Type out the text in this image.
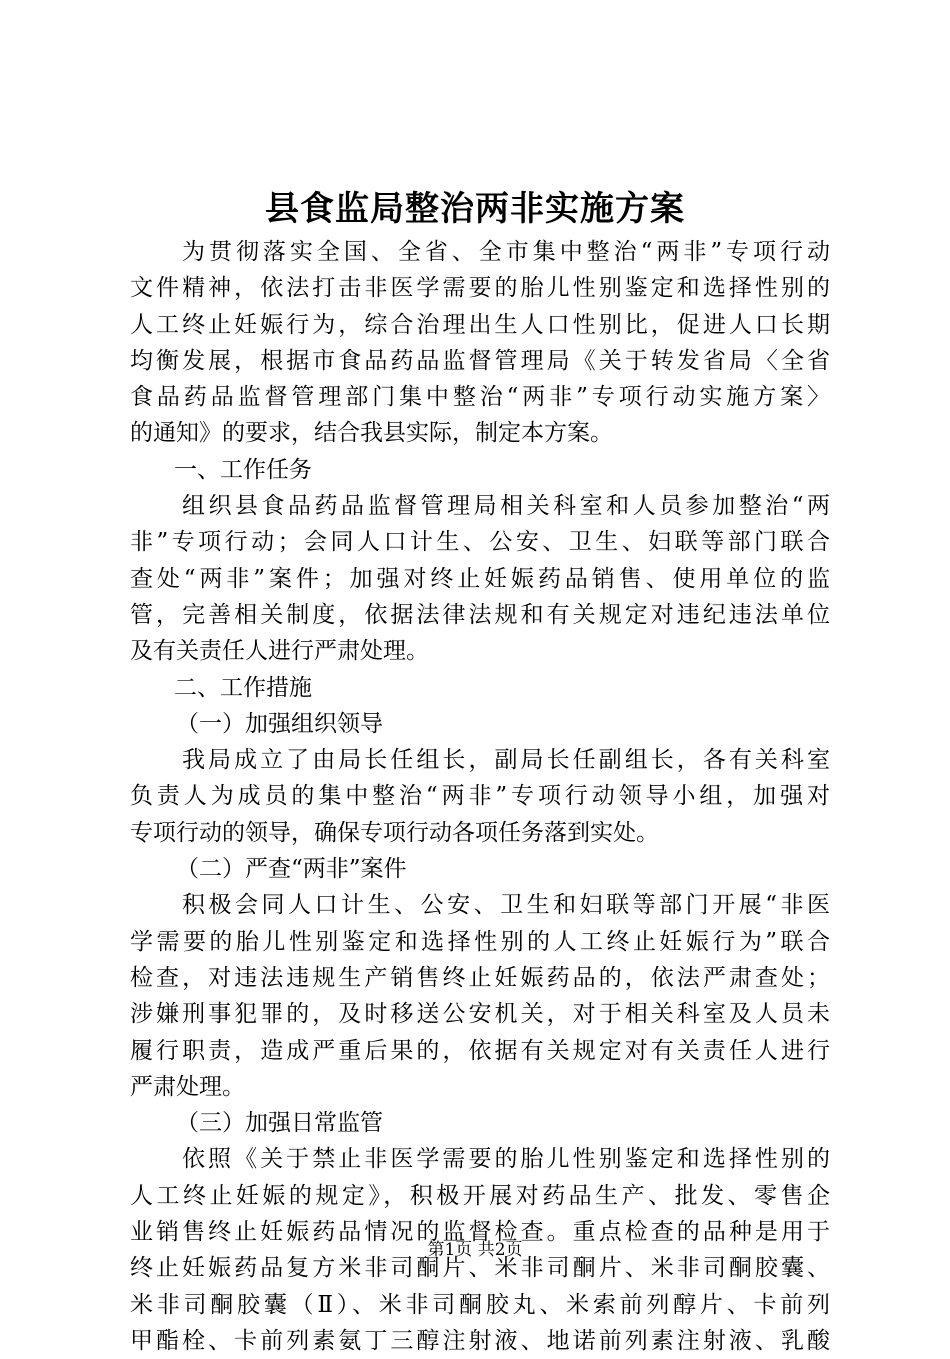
县食监局整治两非实施方案
为贯彻落实全国、全省、全市集中整治“两非”专项行动
文件精神，依法打击非医学需要的胎儿性别鉴定和选择性别的
人工终止妊娠行为，综合治理出生人口性别比，促进人口长期
均衡发展，根据市食品药品监督管理局《关于转发省局〈全省
食品药品监督管理部门集中整治“两非”专项行动实施方案〉
的通知》的要求，结合我县实际，制定本方案。
一、工作任务
组织县食品药品监督管理局相关科室和人员参加整治“两
非”专项行动；会同人口计生、公安、卫生、妇联等部门联合
查处“两非”案件；加强对终止妊娠药品销售、使用单位的监
管，完善相关制度，依据法律法规和有关规定对违纪违法单位
及有关责任人进行严肃处理。
二、工作措施
（一）加强组织领导
我局成立了由局长任组长，副局长任副组长，各有关科室
负责人为成员的集中整治“两非”专项行动领导小组，加强对
专项行动的领导，确保专项行动各项任务落到实处。
（二）严查“两非”案件
积极会同人口计生、公安、卫生和妇联等部门开展“非医
学需要的胎儿性别鉴定和选择性别的人工终止妊娠行为”联合
检查，对违法违规生产销售终止妊娠药品的，依法严肃查处；
涉嫌刑事犯罪的，及时移送公安机关，对于相关科室及人员未
履行职责，造成严重后果的，依据有关规定对有关责任人进行
严肃处理。
（三）加强日常监管
依照《关于禁止非医学需要的胎儿性别鉴定和选择性别的
人工终止妊娠的规定》，积极开展对药品生产、批发、零售企
业销售终止妊娠药品情况的监督检查。重点检查的品种是用于
终止妊娠药品复方米非司酮片、米非司酮片、米非司酮胶囊、
米非司酮胶囊（Ⅱ）、米非司酮胶丸、米索前列醇片、卡前列
甲酯栓、卡前列素氨丁三醇注射液、地诺前列素注射液、乳酸
第1页 共2页
